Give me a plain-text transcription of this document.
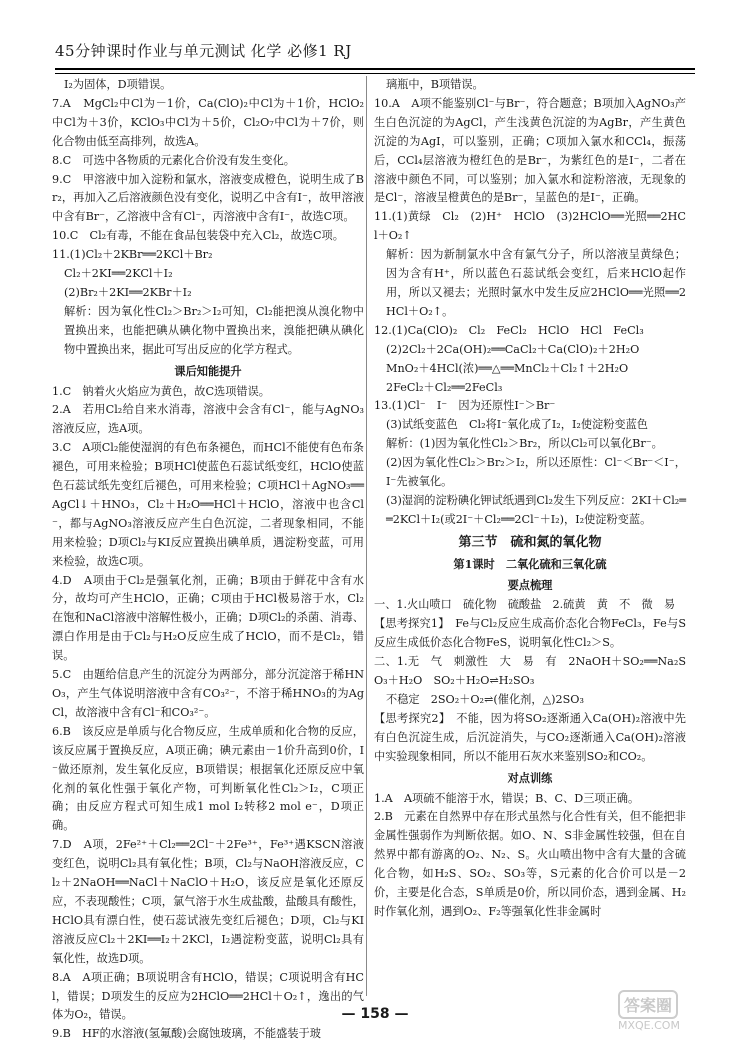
45分钟课时作业与单元测试 化学 必修1 RJ

I₂为固体，D项错误。

7.A　MgCl₂中Cl为－1价，Ca(ClO)₂中Cl为＋1价，HClO₂中Cl为＋3价，KClO₃中Cl为＋5价，Cl₂O₇中Cl为＋7价，则化合物由低至高排列，故选A。

8.C　可选中各物质的元素化合价没有发生变化。

9.C　甲溶液中加入淀粉和氯水，溶液变成橙色，说明生成了Br₂，再加入乙后溶液颜色没有变化，说明乙中含有I⁻，故甲溶液中含有Br⁻，乙溶液中含有Cl⁻，丙溶液中含有I⁻，故选C项。

10.C　Cl₂有毒，不能在食品包装袋中充入Cl₂，故选C项。

11.(1)Cl₂＋2KBr══2KCl＋Br₂

Cl₂＋2KI══2KCl＋I₂

(2)Br₂＋2KI══2KBr＋I₂

解析：因为氧化性Cl₂＞Br₂＞I₂可知，Cl₂能把溴从溴化物中置换出来，也能把碘从碘化物中置换出来，溴能把碘从碘化物中置换出来，据此可写出反应的化学方程式。

课后知能提升

1.C　钠着火火焰应为黄色，故C选项错误。

2.A　若用Cl₂给自来水消毒，溶液中会含有Cl⁻，能与AgNO₃溶液反应，选A项。

3.C　A项Cl₂能使湿润的有色布条褪色，而HCl不能使有色布条褪色，可用来检验；B项HCl使蓝色石蕊试纸变红，HClO使蓝色石蕊试纸先变红后褪色，可用来检验；C项HCl＋AgNO₃══AgCl↓＋HNO₃，Cl₂＋H₂O══HCl＋HClO，溶液中也含Cl⁻，都与AgNO₃溶液反应产生白色沉淀，二者现象相同，不能用来检验；D项Cl₂与KI反应置换出碘单质，遇淀粉变蓝，可用来检验，故选C项。

4.D　A项由于Cl₂是强氧化剂，正确；B项由于鲜花中含有水分，故均可产生HClO，正确；C项由于HCl极易溶于水，Cl₂在饱和NaCl溶液中溶解性极小，正确；D项Cl₂的杀菌、消毒、漂白作用是由于Cl₂与H₂O反应生成了HClO，而不是Cl₂，错误。

5.C　由题给信息产生的沉淀分为两部分，部分沉淀溶于稀HNO₃，产生气体说明溶液中含有CO₃²⁻，不溶于稀HNO₃的为AgCl，故溶液中含有Cl⁻和CO₃²⁻。

6.B　该反应是单质与化合物反应，生成单质和化合物的反应，该反应属于置换反应，A项正确；碘元素由－1价升高到0价，I⁻做还原剂，发生氧化反应，B项错误；根据氧化还原反应中氧化剂的氧化性强于氧化产物，可判断氧化性Cl₂＞I₂，C项正确；由反应方程式可知生成1 mol I₂转移2 mol e⁻，D项正确。

7.D　A项，2Fe²⁺＋Cl₂══2Cl⁻＋2Fe³⁺，Fe³⁺遇KSCN溶液变红色，说明Cl₂具有氧化性；B项，Cl₂与NaOH溶液反应，Cl₂＋2NaOH══NaCl＋NaClO＋H₂O，该反应是氧化还原反应，不表现酸性；C项，氯气溶于水生成盐酸，盐酸具有酸性，HClO具有漂白性，使石蕊试液先变红后褪色；D项，Cl₂与KI溶液反应Cl₂＋2KI══I₂＋2KCl，I₂遇淀粉变蓝，说明Cl₂具有氧化性，故选D项。

8.A　A项正确；B项说明含有HClO，错误；C项说明含有HCl，错误；D项发生的反应为2HClO══2HCl＋O₂↑，逸出的气体为O₂，错误。

9.B　HF的水溶液(氢氟酸)会腐蚀玻璃，不能盛装于玻

璃瓶中，B项错误。

10.A　A项不能鉴别Cl⁻与Br⁻，符合题意；B项加入AgNO₃产生白色沉淀的为AgCl，产生浅黄色沉淀的为AgBr，产生黄色沉淀的为AgI，可以鉴别，正确；C项加入氯水和CCl₄，振荡后，CCl₄层溶液为橙红色的是Br⁻，为紫红色的是I⁻，二者在溶液中颜色不同，可以鉴别；加入氯水和淀粉溶液，无现象的是Cl⁻，溶液呈橙黄色的是Br⁻，呈蓝色的是I⁻，正确。

11.(1)黄绿　Cl₂　(2)H⁺　HClO　(3)2HClO══光照══2HCl＋O₂↑

解析：因为新制氯水中含有氯气分子，所以溶液呈黄绿色；因为含有H⁺，所以蓝色石蕊试纸会变红，后来HClO起作用，所以又褪去；光照时氯水中发生反应2HClO══光照══2HCl＋O₂↑。

12.(1)Ca(ClO)₂　Cl₂　FeCl₂　HClO　HCl　FeCl₃

(2)2Cl₂＋2Ca(OH)₂══CaCl₂＋Ca(ClO)₂＋2H₂O

MnO₂＋4HCl(浓)══△══MnCl₂＋Cl₂↑＋2H₂O

2FeCl₂＋Cl₂══2FeCl₃

13.(1)Cl⁻　I⁻　因为还原性I⁻＞Br⁻

(3)试纸变蓝色　Cl₂将I⁻氧化成了I₂，I₂使淀粉变蓝色

解析：(1)因为氧化性Cl₂＞Br₂，所以Cl₂可以氧化Br⁻。

(2)因为氧化性Cl₂＞Br₂＞I₂，所以还原性：Cl⁻＜Br⁻＜I⁻，I⁻先被氧化。

(3)湿润的淀粉碘化钾试纸遇到Cl₂发生下列反应：2KI＋Cl₂══2KCl＋I₂(或2I⁻＋Cl₂══2Cl⁻＋I₂)，I₂使淀粉变蓝。

第三节　硫和氮的氧化物

第1课时　二氧化硫和三氧化硫

要点梳理

一、1.火山喷口　硫化物　硫酸盐　2.硫黄　黄　不　微　易

【思考探究1】　Fe与Cl₂反应生成高价态化合物FeCl₃，Fe与S反应生成低价态化合物FeS，说明氧化性Cl₂＞S。

二、1.无　气　刺激性　大　易　有　2NaOH＋SO₂══Na₂SO₃＋H₂O　SO₂＋H₂O⇌H₂SO₃

不稳定　2SO₂＋O₂⇌(催化剂，△)2SO₃

【思考探究2】　不能，因为将SO₂逐渐通入Ca(OH)₂溶液中先有白色沉淀生成，后沉淀消失，与CO₂逐渐通入Ca(OH)₂溶液中实验现象相同，所以不能用石灰水来鉴别SO₂和CO₂。

对点训练

1.A　A项硫不能溶于水，错误；B、C、D三项正确。

2.B　元素在自然界中存在形式虽然与化合性有关，但不能把非金属性强弱作为判断依据。如O、N、S非金属性较强，但在自然界中都有游离的O₂、N₂、S。火山喷出物中含有大量的含硫化合物，如H₂S、SO₂、SO₃等，S元素的化合价可以是－2价，主要是化合态，S单质是0价，所以同价态，遇到金属、H₂时作氧化剂，遇到O₂、F₂等强氧化性非金属时

— 158 —	答案圈
MXQE.COM
